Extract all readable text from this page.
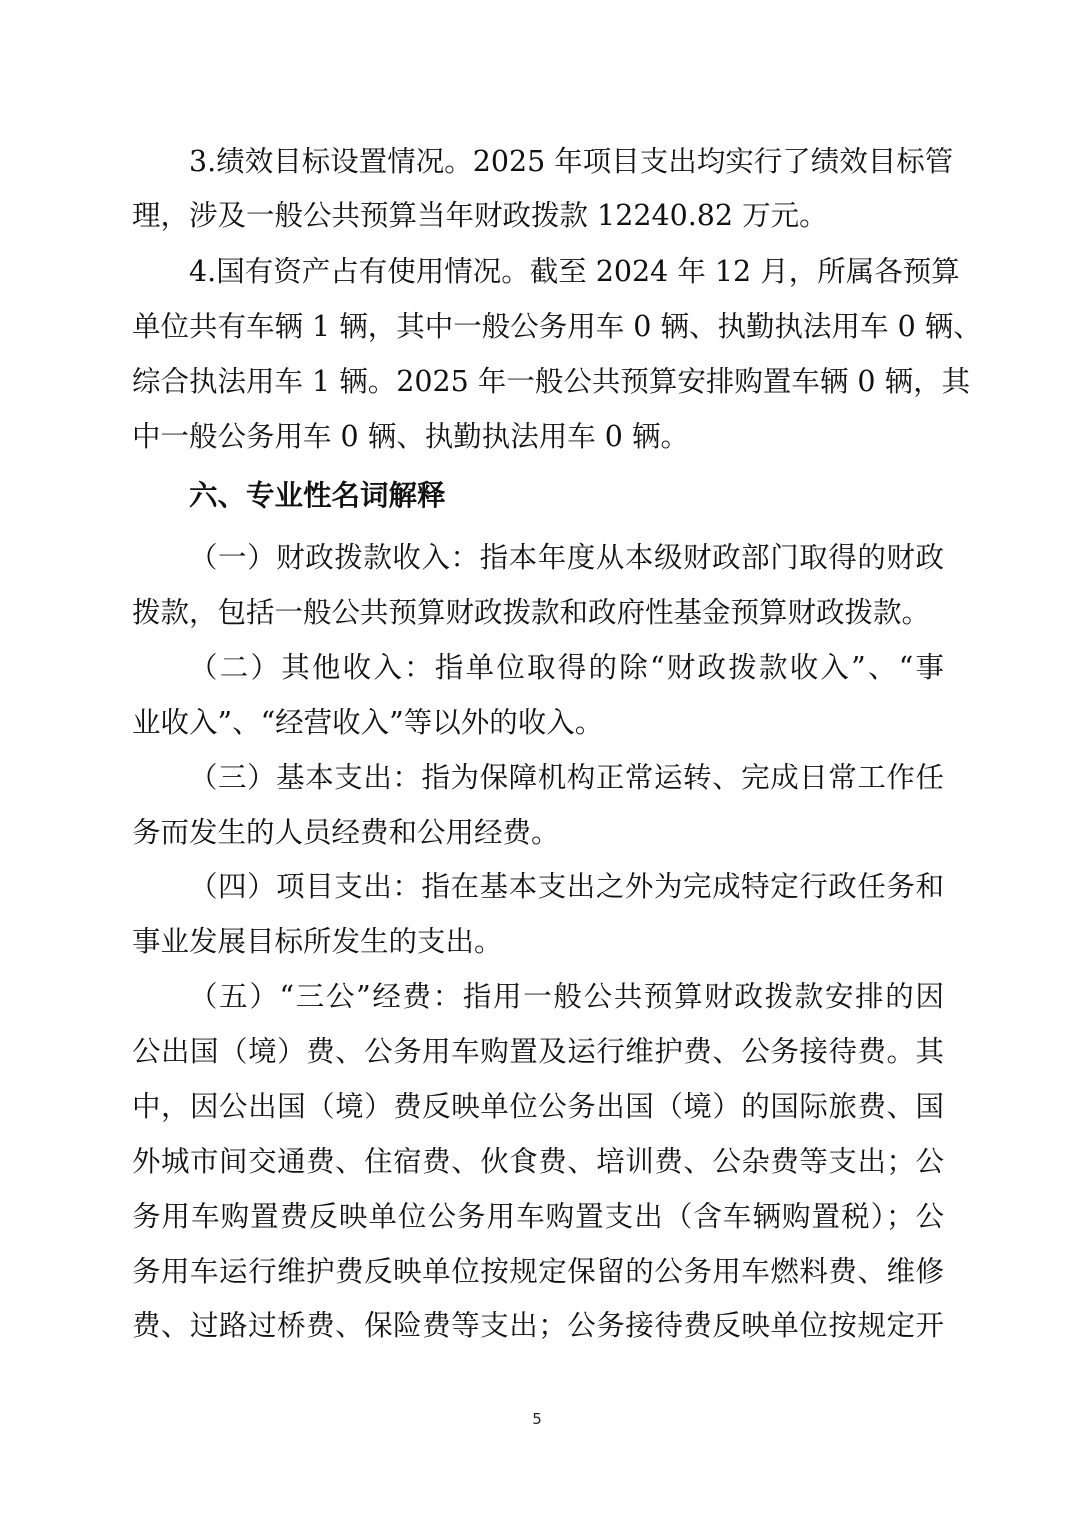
3.绩效目标设置情况。2025 年项目支出均实行了绩效目标管
理，涉及一般公共预算当年财政拨款 12240.82 万元。
4.国有资产占有使用情况。截至 2024 年 12 月，所属各预算
单位共有车辆 1 辆，其中一般公务用车 0 辆、执勤执法用车 0 辆、
综合执法用车 1 辆。2025 年一般公共预算安排购置车辆 0 辆，其
中一般公务用车 0 辆、执勤执法用车 0 辆。
六、专业性名词解释
（一）财政拨款收入：指本年度从本级财政部门取得的财政
拨款，包括一般公共预算财政拨款和政府性基金预算财政拨款。
（二）其他收入：指单位取得的除“财政拨款收入”、“事
业收入”、“经营收入”等以外的收入。
（三）基本支出：指为保障机构正常运转、完成日常工作任
务而发生的人员经费和公用经费。
（四）项目支出：指在基本支出之外为完成特定行政任务和
事业发展目标所发生的支出。
（五）“三公”经费：指用一般公共预算财政拨款安排的因
公出国（境）费、公务用车购置及运行维护费、公务接待费。其
中，因公出国（境）费反映单位公务出国（境）的国际旅费、国
外城市间交通费、住宿费、伙食费、培训费、公杂费等支出；公
务用车购置费反映单位公务用车购置支出（含车辆购置税）；公
务用车运行维护费反映单位按规定保留的公务用车燃料费、维修
费、过路过桥费、保险费等支出；公务接待费反映单位按规定开
5
